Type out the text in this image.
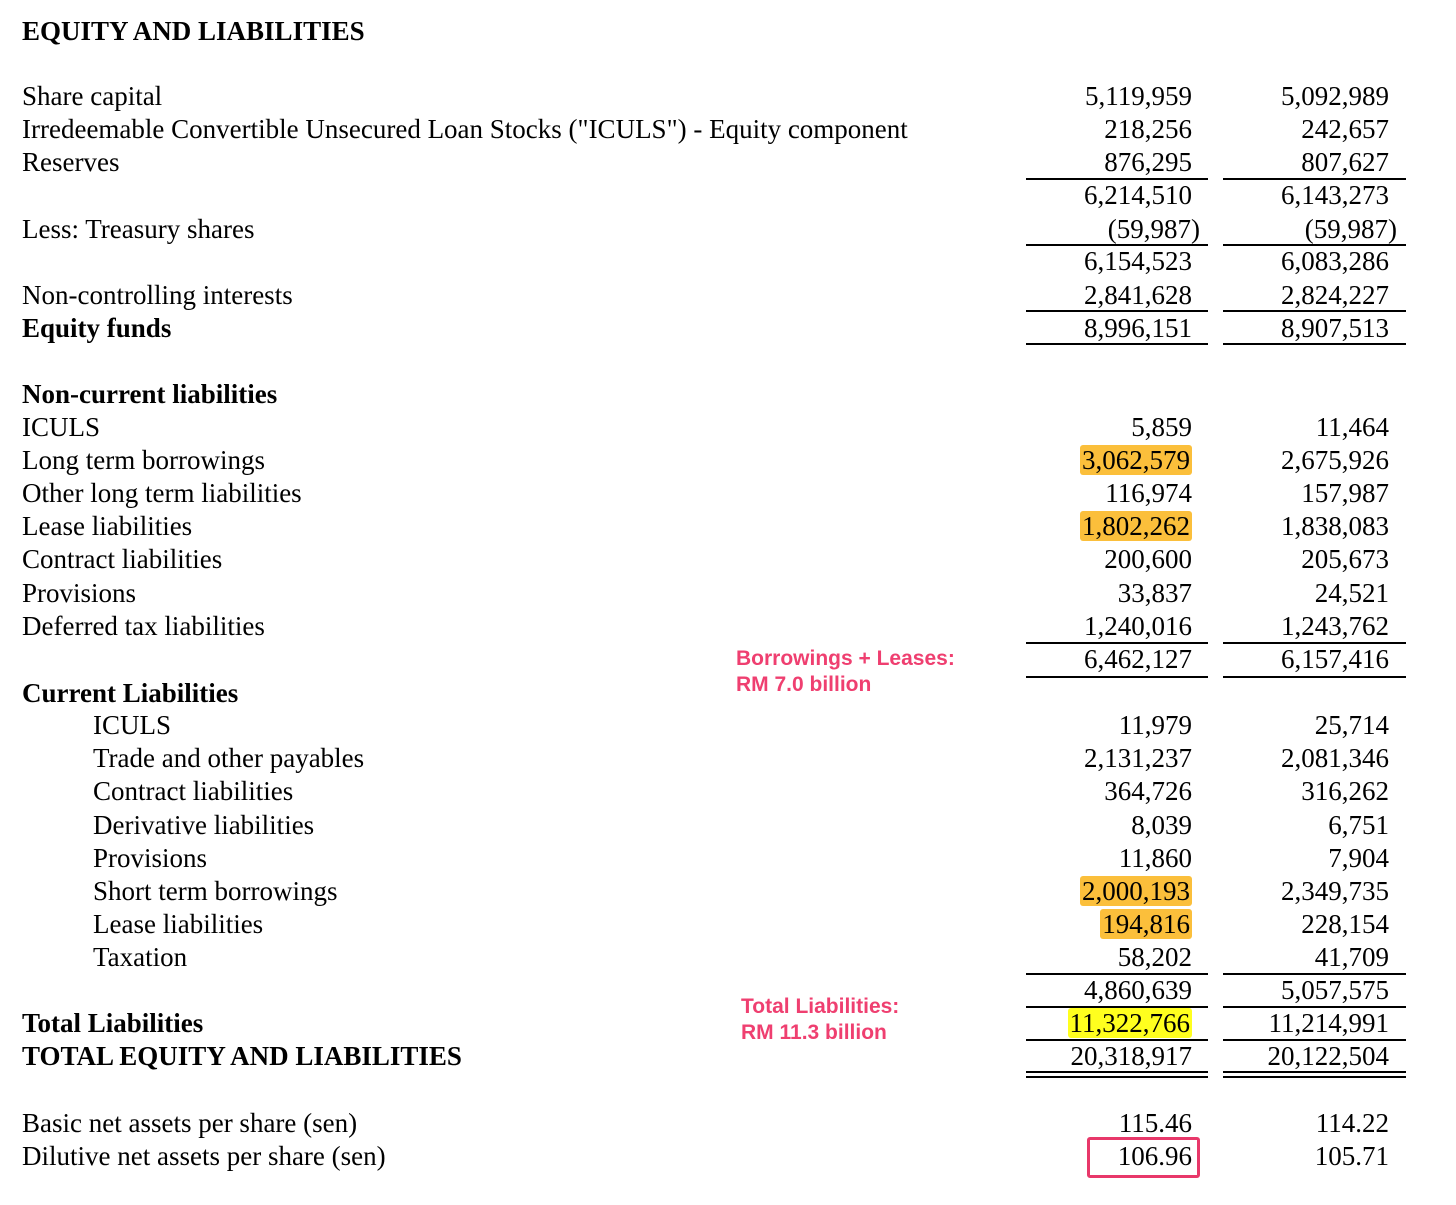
EQUITY AND LIABILITIES
Share capital	5,119,959	5,092,989
Irredeemable Convertible Unsecured Loan Stocks ("ICULS") - Equity component	218,256	242,657
Reserves	876,295	807,627
6,214,510	6,143,273
Less: Treasury shares	(59,987)	(59,987)
6,154,523	6,083,286
Non-controlling interests	2,841,628	2,824,227
Equity funds	8,996,151	8,907,513
Non-current liabilities
ICULS	5,859	11,464
Long term borrowings	3,062,579	2,675,926
Other long term liabilities	116,974	157,987
Lease liabilities	1,802,262	1,838,083
Contract liabilities	200,600	205,673
Provisions	33,837	24,521
Deferred tax liabilities	1,240,016	1,243,762
6,462,127	6,157,416
Borrowings + Leases:
RM 7.0 billion
Current Liabilities
ICULS	11,979	25,714
Trade and other payables	2,131,237	2,081,346
Contract liabilities	364,726	316,262
Derivative liabilities	8,039	6,751
Provisions	11,860	7,904
Short term borrowings	2,000,193	2,349,735
Lease liabilities	194,816	228,154
Taxation	58,202	41,709
4,860,639	5,057,575
Total Liabilities:
RM 11.3 billion
Total Liabilities	11,322,766	11,214,991
TOTAL EQUITY AND LIABILITIES	20,318,917	20,122,504
Basic net assets per share (sen)	115.46	114.22
Dilutive net assets per share (sen)	106.96	105.71
